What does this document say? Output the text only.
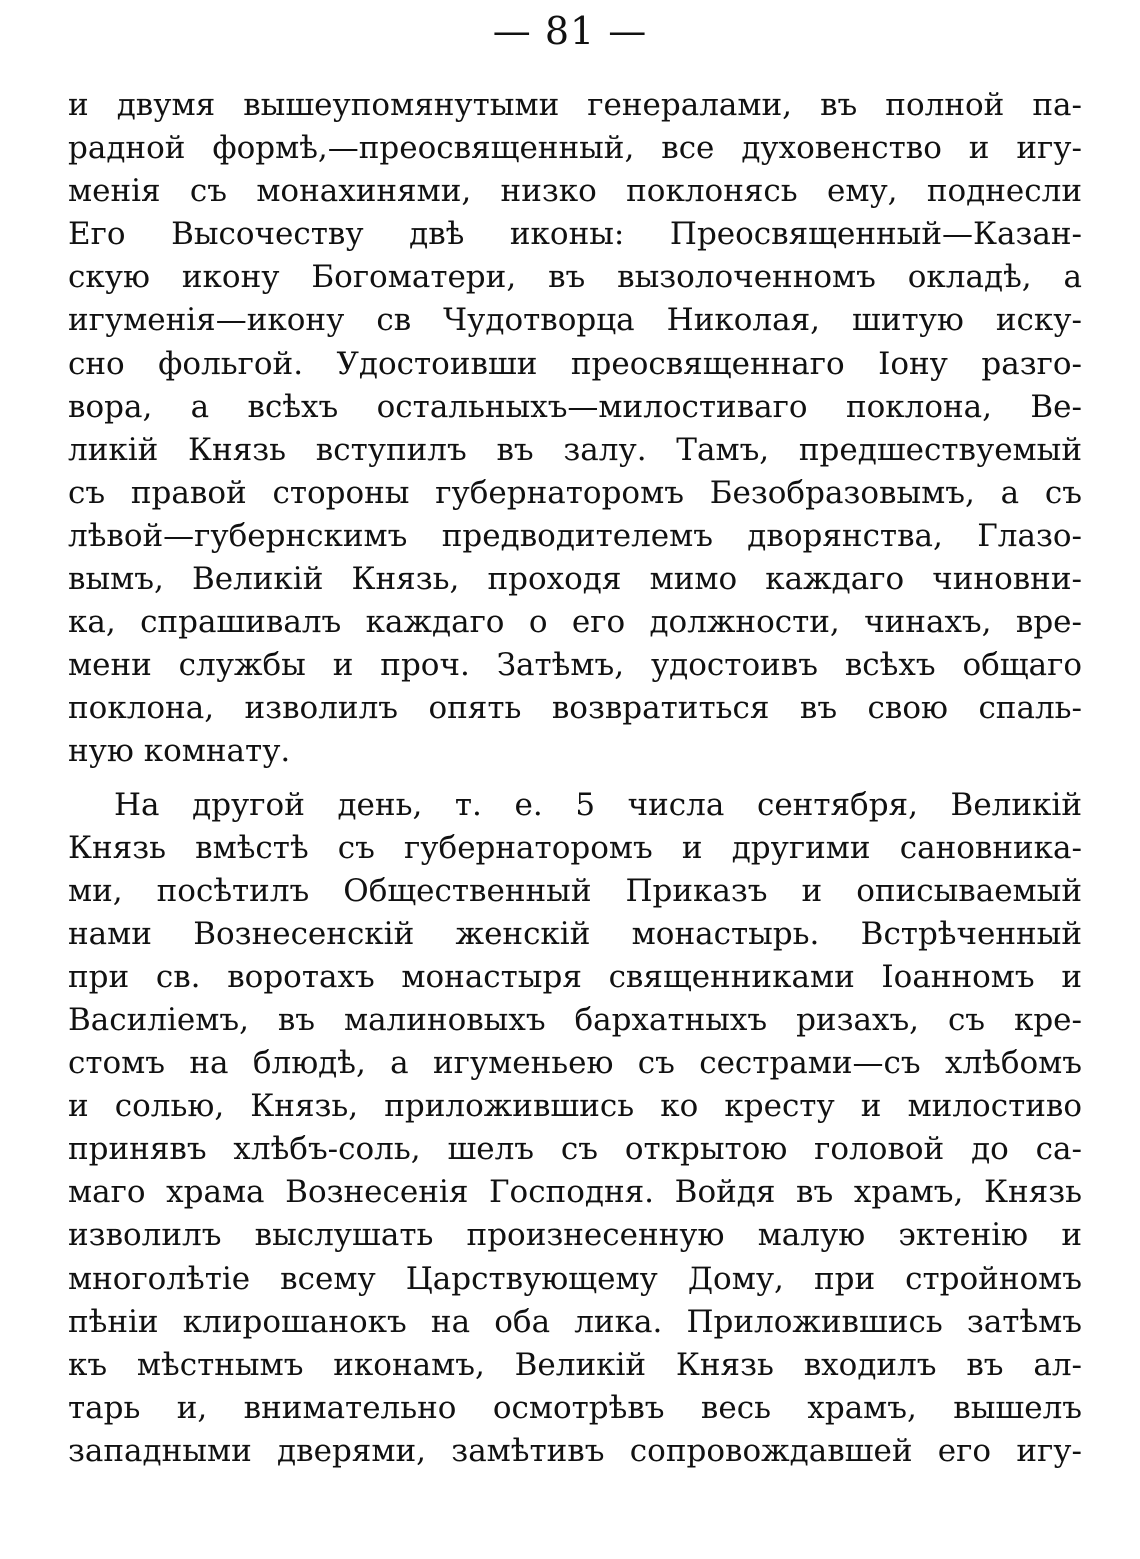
— 81 —
и двумя вышеупомянутыми генералами, въ полной па-
радной формѣ,—преосвященный, все духовенство и игу-
менія съ монахинями, низко поклонясь ему, поднесли
Его Высочеству двѣ иконы: Преосвященный—Казан-
скую икону Богоматери, въ вызолоченномъ окладѣ, а
игуменія—икону св Чудотворца Николая, шитую иску-
сно фольгой. Удостоивши преосвященнаго Іону разго-
вора, а всѣхъ остальныхъ—милостиваго поклона, Ве-
ликій Князь вступилъ въ залу. Тамъ, предшествуемый
съ правой стороны губернаторомъ Безобразовымъ, а съ
лѣвой—губернскимъ предводителемъ дворянства, Глазо-
вымъ, Великій Князь, проходя мимо каждаго чиновни-
ка, спрашивалъ каждаго о его должности, чинахъ, вре-
мени службы и проч. Затѣмъ, удостоивъ всѣхъ общаго
поклона, изволилъ опять возвратиться въ свою спаль-
ную комнату.
На другой день, т. е. 5 числа сентября, Великій
Князь вмѣстѣ съ губернаторомъ и другими сановника-
ми, посѣтилъ Общественный Приказъ и описываемый
нами Вознесенскій женскій монастырь. Встрѣченный
при св. воротахъ монастыря священниками Іоанномъ и
Василіемъ, въ малиновыхъ бархатныхъ ризахъ, съ кре-
стомъ на блюдѣ, а игуменьею съ сестрами—съ хлѣбомъ
и солью, Князь, приложившись ко кресту и милостиво
принявъ хлѣбъ-соль, шелъ съ открытою головой до са-
маго храма Вознесенія Господня. Войдя въ храмъ, Князь
изволилъ выслушать произнесенную малую эктенію и
многолѣтіе всему Царствующему Дому, при стройномъ
пѣніи клирошанокъ на оба лика. Приложившись затѣмъ
къ мѣстнымъ иконамъ, Великій Князь входилъ въ ал-
тарь и, внимательно осмотрѣвъ весь храмъ, вышелъ
западными дверями, замѣтивъ сопровождавшей его игу-
